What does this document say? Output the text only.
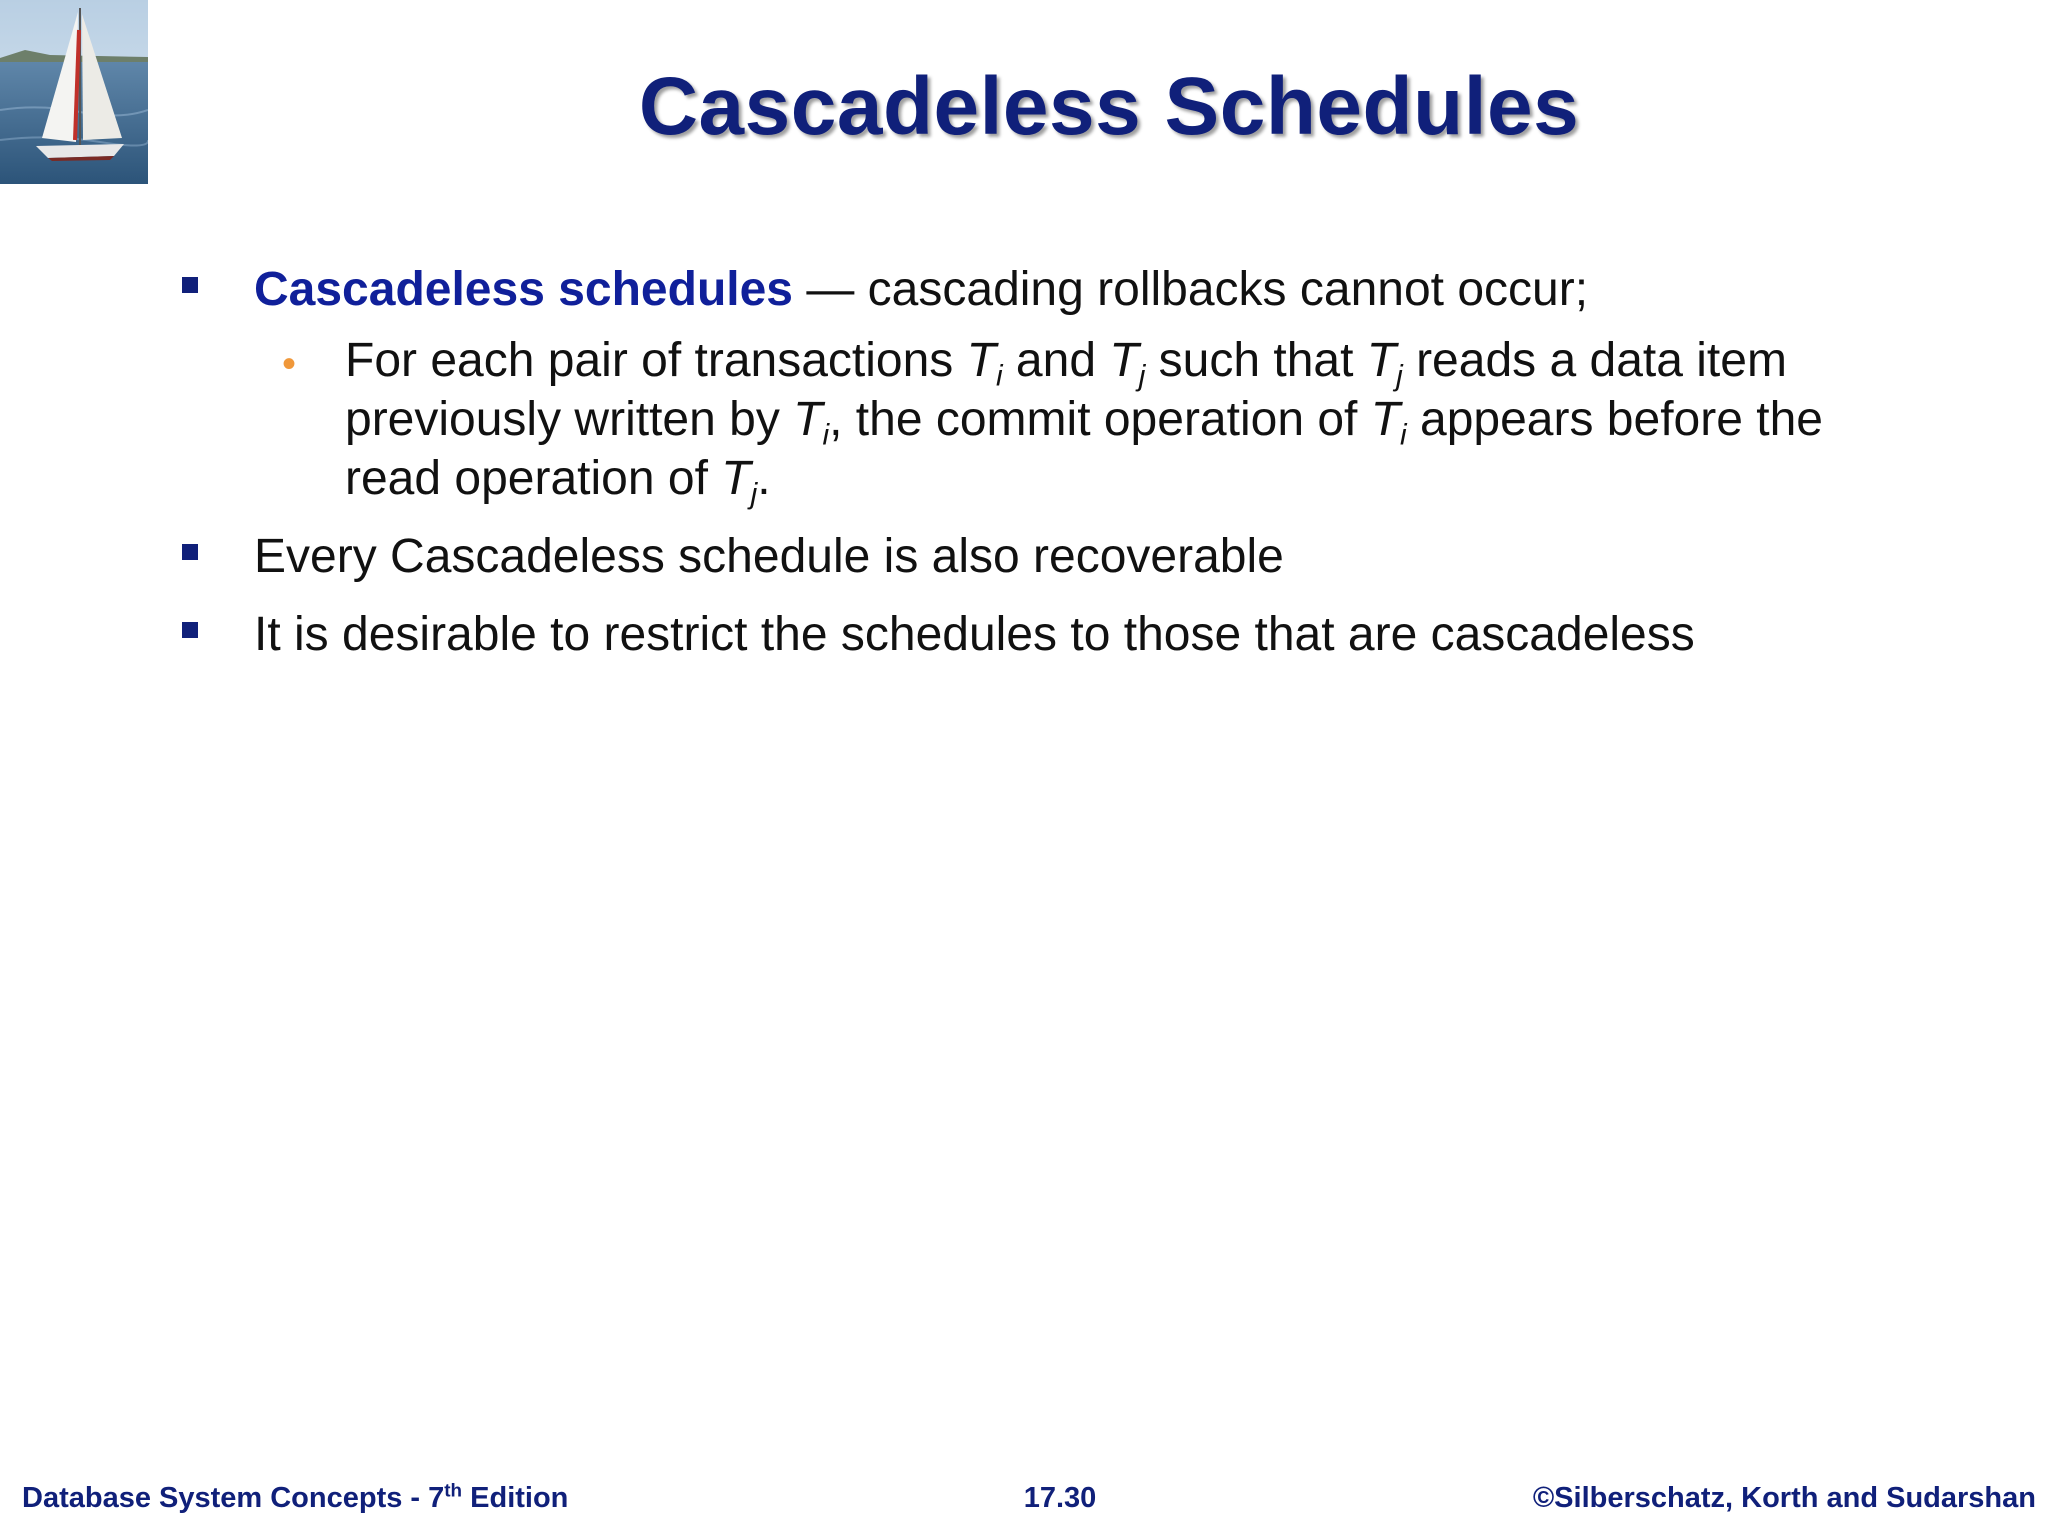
Cascadeless Schedules
Cascadeless schedules — cascading rollbacks cannot occur;
• For each pair of transactions $T_i$ and $T_j$ such that $T_j$ reads a data item previously written by $T_i$, the commit operation of $T_i$ appears before the read operation of $T_j$.
Every Cascadeless schedule is also recoverable
It is desirable to restrict the schedules to those that are cascadeless
Database System Concepts - 7th Edition	17.30	©Silberschatz, Korth and Sudarshan
